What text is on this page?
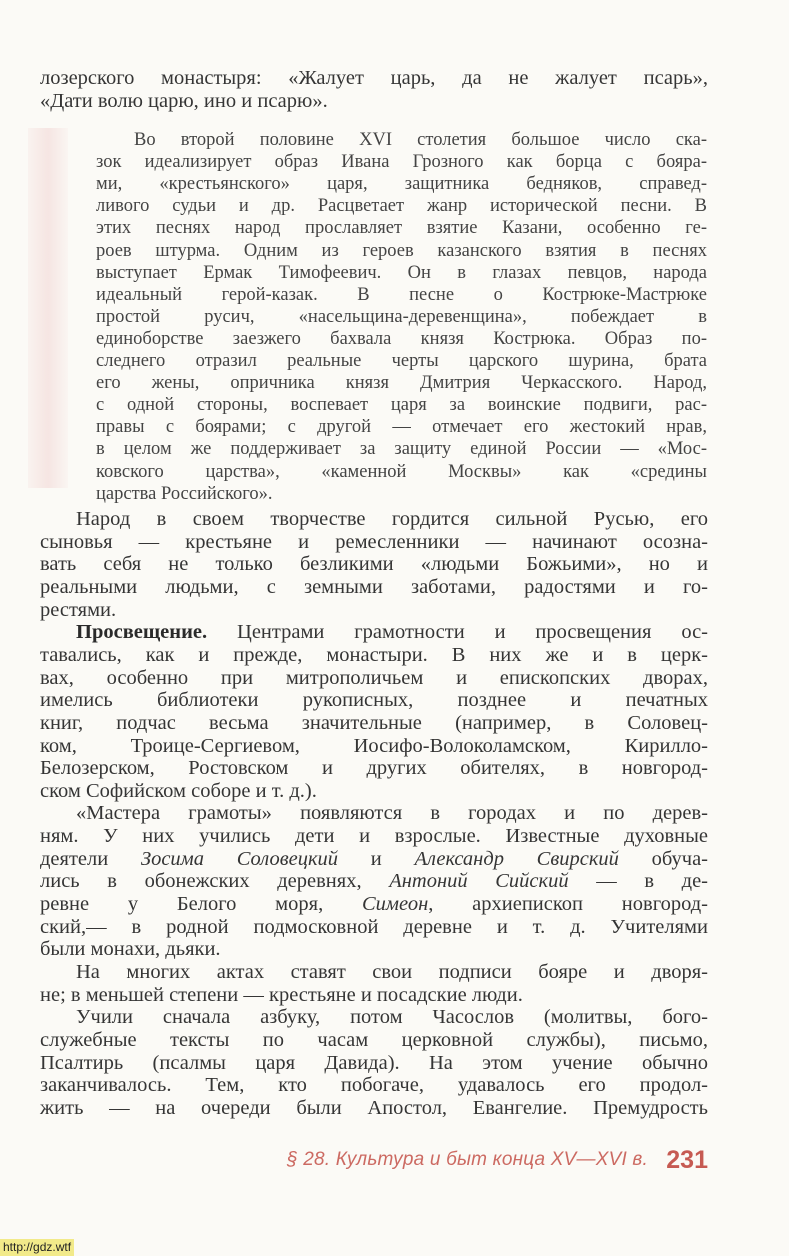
лозерского монастыря: «Жалует царь, да не жалует псарь»,
«Дати волю царю, ино и псарю».
Во второй половине XVI столетия большое число ска-
зок идеализирует образ Ивана Грозного как борца с бояра-
ми, «крестьянского» царя, защитника бедняков, справед-
ливого судьи и др. Расцветает жанр исторической песни. В
этих песнях народ прославляет взятие Казани, особенно ге-
роев штурма. Одним из героев казанского взятия в песнях
выступает Ермак Тимофеевич. Он в глазах певцов, народа
идеальный герой-казак. В песне о Кострюке-Мастрюке
простой русич, «насельщина-деревенщина», побеждает в
единоборстве заезжего бахвала князя Кострюка. Образ по-
следнего отразил реальные черты царского шурина, брата
его жены, опричника князя Дмитрия Черкасского. Народ,
с одной стороны, воспевает царя за воинские подвиги, рас-
правы с боярами; с другой — отмечает его жестокий нрав,
в целом же поддерживает за защиту единой России — «Мос-
ковского царства», «каменной Москвы» как «средины
царства Российского».
Народ в своем творчестве гордится сильной Русью, его
сыновья — крестьяне и ремесленники — начинают осозна-
вать себя не только безликими «людьми Божьими», но и
реальными людьми, с земными заботами, радостями и го-
рестями.
Просвещение. Центрами грамотности и просвещения ос-
тавались, как и прежде, монастыри. В них же и в церк-
вах, особенно при митрополичьем и епископских дворах,
имелись библиотеки рукописных, позднее и печатных
книг, подчас весьма значительные (например, в Соловец-
ком, Троице-Сергиевом, Иосифо-Волоколамском, Кирилло-
Белозерском, Ростовском и других обителях, в новгород-
ском Софийском соборе и т. д.).
«Мастера грамоты» появляются в городах и по дерев-
ням. У них учились дети и взрослые. Известные духовные
деятели Зосима Соловецкий и Александр Свирский обуча-
лись в обонежских деревнях, Антоний Сийский — в де-
ревне у Белого моря, Симеон, архиепископ новгород-
ский,— в родной подмосковной деревне и т. д. Учителями
были монахи, дьяки.
На многих актах ставят свои подписи бояре и дворя-
не; в меньшей степени — крестьяне и посадские люди.
Учили сначала азбуку, потом Часослов (молитвы, бого-
служебные тексты по часам церковной службы), письмо,
Псалтирь (псалмы царя Давида). На этом учение обычно
заканчивалось. Тем, кто побогаче, удавалось его продол-
жить — на очереди были Апостол, Евангелие. Премудрость
§ 28. Культура и быт конца XV—XVI в. 231
http://gdz.wtf
